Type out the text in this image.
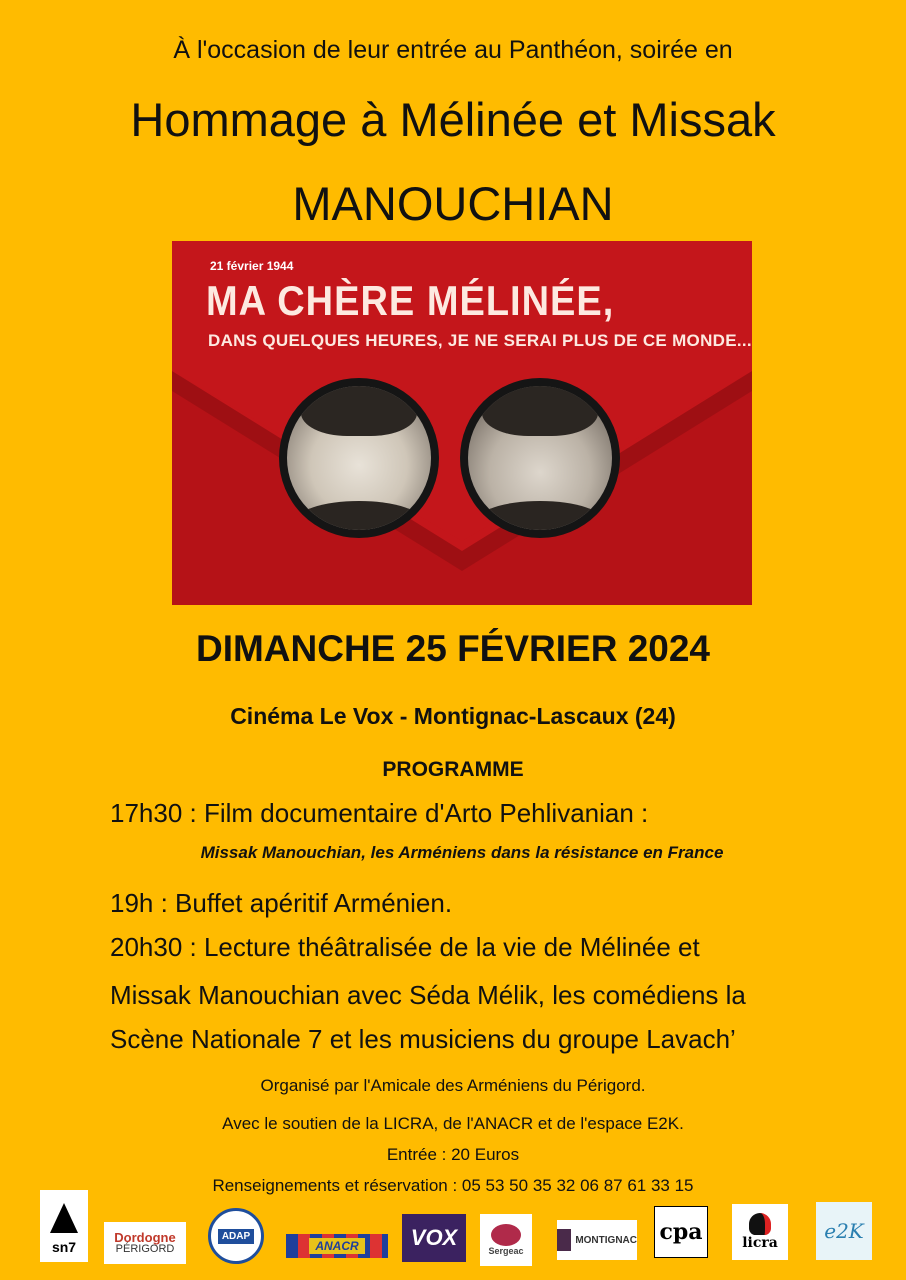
À l'occasion de leur entrée au Panthéon, soirée en
Hommage à Mélinée et Missak
MANOUCHIAN
21 février 1944
MA CHÈRE MÉLINÉE,
DANS QUELQUES HEURES, JE NE SERAI PLUS DE CE MONDE...
DIMANCHE 25 FÉVRIER 2024
Cinéma Le Vox - Montignac-Lascaux (24)
PROGRAMME
17h30 : Film documentaire d'Arto Pehlivanian :
Missak Manouchian, les Arméniens dans la résistance en France
19h : Buffet apéritif Arménien.
20h30 : Lecture théâtralisée de la vie de Mélinée et
Missak Manouchian avec Séda Mélik, les comédiens la
Scène Nationale 7 et les musiciens du groupe Lavach’
Organisé par l'Amicale des Arméniens du Périgord.
Avec le soutien de la LICRA, de l'ANACR et de l'espace E2K.
Entrée : 20 Euros
Renseignements et réservation : 05 53 50 35 32 06 87 61 33 15
sn7
Dordogne
PÉRIGORD
ADAP
ANACR VOX
Sergeac
MONTIGNAC cpa	licra e2K
